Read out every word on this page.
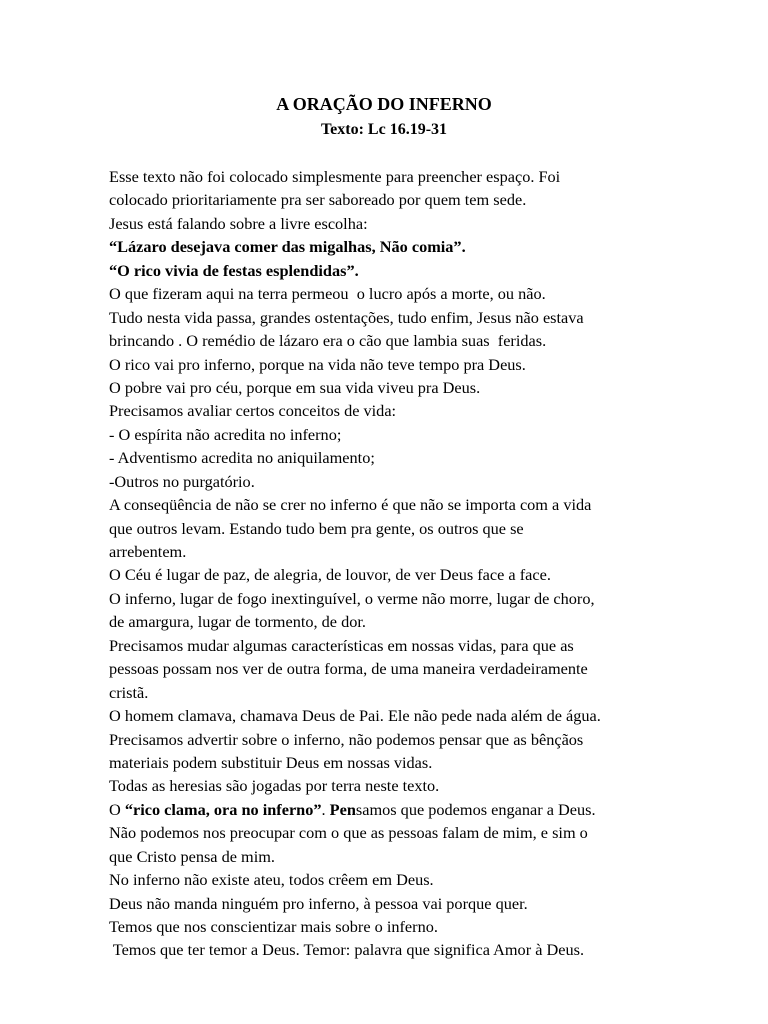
A ORAÇÃO DO INFERNO
Texto: Lc 16.19-31
Esse texto não foi colocado simplesmente para preencher espaço. Foi
colocado prioritariamente pra ser saboreado por quem tem sede.
Jesus está falando sobre a livre escolha:
“Lázaro desejava comer das migalhas, Não comia”.
“O rico vivia de festas esplendidas”.
O que fizeram aqui na terra permeou  o lucro após a morte, ou não.
Tudo nesta vida passa, grandes ostentações, tudo enfim, Jesus não estava
brincando . O remédio de lázaro era o cão que lambia suas  feridas.
O rico vai pro inferno, porque na vida não teve tempo pra Deus.
O pobre vai pro céu, porque em sua vida viveu pra Deus.
Precisamos avaliar certos conceitos de vida:
- O espírita não acredita no inferno;
- Adventismo acredita no aniquilamento;
-Outros no purgatório.
A conseqüência de não se crer no inferno é que não se importa com a vida
que outros levam. Estando tudo bem pra gente, os outros que se
arrebentem.
O Céu é lugar de paz, de alegria, de louvor, de ver Deus face a face.
O inferno, lugar de fogo inextinguível, o verme não morre, lugar de choro,
de amargura, lugar de tormento, de dor.
Precisamos mudar algumas características em nossas vidas, para que as
pessoas possam nos ver de outra forma, de uma maneira verdadeiramente
cristã.
O homem clamava, chamava Deus de Pai. Ele não pede nada além de água.
Precisamos advertir sobre o inferno, não podemos pensar que as bênçãos
materiais podem substituir Deus em nossas vidas.
Todas as heresias são jogadas por terra neste texto.
O “rico clama, ora no inferno”. Pensamos que podemos enganar a Deus.
Não podemos nos preocupar com o que as pessoas falam de mim, e sim o
que Cristo pensa de mim.
No inferno não existe ateu, todos crêem em Deus.
Deus não manda ninguém pro inferno, à pessoa vai porque quer.
Temos que nos conscientizar mais sobre o inferno.
Temos que ter temor a Deus. Temor: palavra que significa Amor à Deus.
